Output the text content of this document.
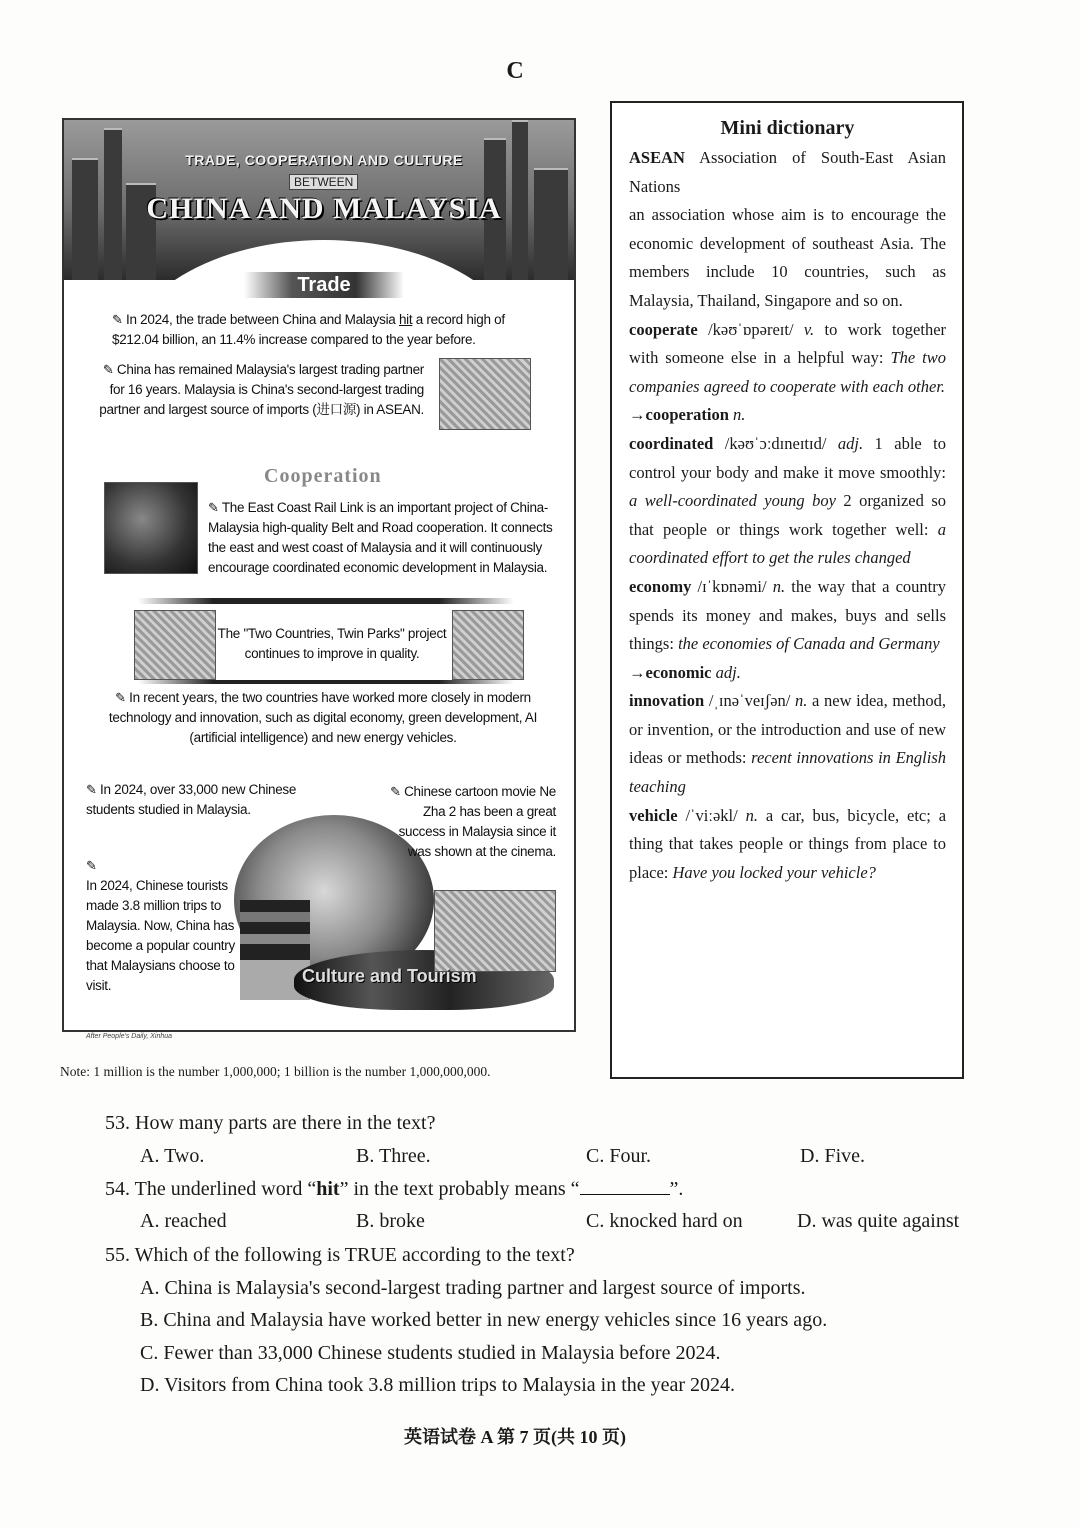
C
TRADE, COOPERATION AND CULTURE
BETWEEN
CHINA AND MALAYSIA
Trade
✎ In 2024, the trade between China and Malaysia hit a record high of $212.04 billion, an 11.4% increase compared to the year before.
✎ China has remained Malaysia's largest trading partner for 16 years. Malaysia is China's second-largest trading partner and largest source of imports (进口源) in ASEAN.
Cooperation
✎ The East Coast Rail Link is an important project of China-Malaysia high-quality Belt and Road cooperation. It connects the east and west coast of Malaysia and it will continuously encourage coordinated economic development in Malaysia.
The "Two Countries, Twin Parks" project continues to improve in quality.
✎ In recent years, the two countries have worked more closely in modern technology and innovation, such as digital economy, green development, AI (artificial intelligence) and new energy vehicles.
✎ In 2024, over 33,000 new Chinese students studied in Malaysia.
✎ Chinese cartoon movie Ne Zha 2 has been a great success in Malaysia since it was shown at the cinema.
✎
In 2024, Chinese tourists made 3.8 million trips to Malaysia. Now, China has become a popular country that Malaysians choose to visit.	Culture and Tourism
After People's Daily, Xinhua
Note: 1 million is the number 1,000,000; 1 billion is the number 1,000,000,000.
Mini dictionary

ASEAN Association of South-East Asian Nations
an association whose aim is to encourage the economic development of southeast Asia. The members include 10 countries, such as Malaysia, Thailand, Singapore and so on.

cooperate /kəʊˈɒpəreɪt/ v. to work together with someone else in a helpful way: The two companies agreed to cooperate with each other.
→cooperation n.

coordinated /kəʊˈɔːdɪneɪtɪd/ adj. 1 able to control your body and make it move smoothly: a well-coordinated young boy 2 organized so that people or things work together well: a coordinated effort to get the rules changed

economy /ɪˈkɒnəmi/ n. the way that a country spends its money and makes, buys and sells things: the economies of Canada and Germany
→economic adj.

innovation /ˌɪnəˈveɪʃən/ n. a new idea, method, or invention, or the introduction and use of new ideas or methods: recent innovations in English teaching

vehicle /ˈviːəkl/ n. a car, bus, bicycle, etc; a thing that takes people or things from place to place: Have you locked your vehicle?

53. How many parts are there in the text?
A. Two.	B. Three.	C. Four.	D. Five.
54. The underlined word “hit” in the text probably means “	”.
A. reached	B. broke	C. knocked hard on	D. was quite against
55. Which of the following is TRUE according to the text?
A. China is Malaysia's second-largest trading partner and largest source of imports.
B. China and Malaysia have worked better in new energy vehicles since 16 years ago.
C. Fewer than 33,000 Chinese students studied in Malaysia before 2024.
D. Visitors from China took 3.8 million trips to Malaysia in the year 2024.
英语试卷 A 第 7 页(共 10 页)
